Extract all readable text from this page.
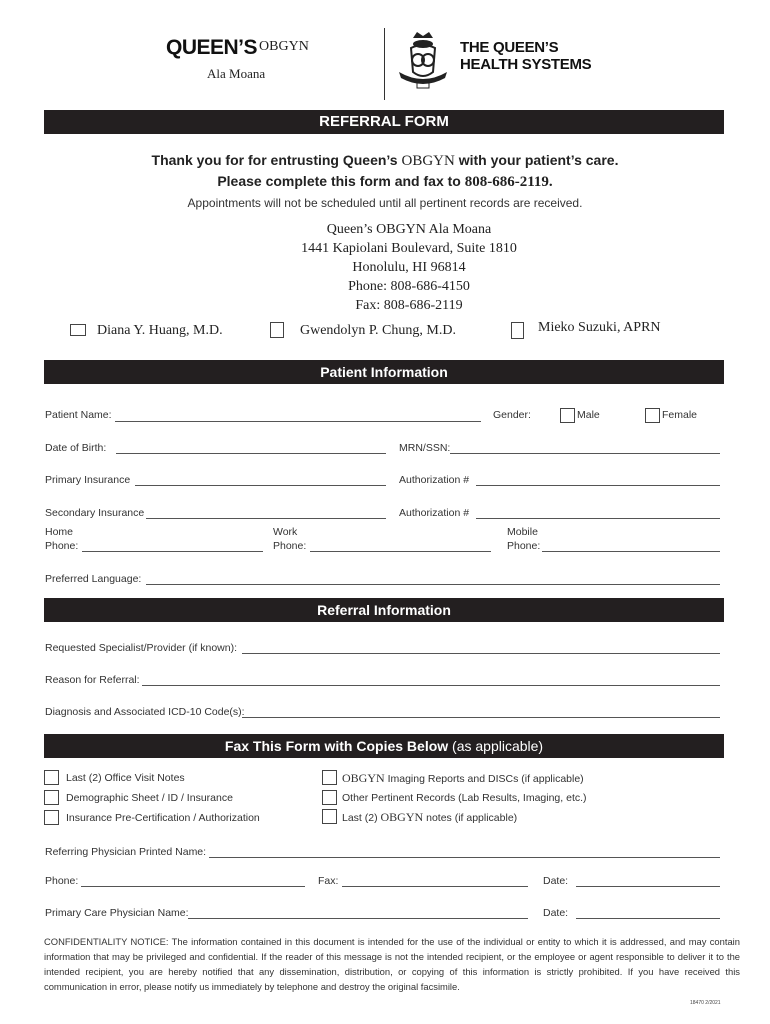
QUEEN’S OBGYN
Ala Moana
THE QUEEN’S
HEALTH SYSTEMS
REFERRAL FORM
Thank you for for entrusting Queen’s OBGYN with your patient’s care.
Please complete this form and fax to 808-686-2119.
Appointments will not be scheduled until all pertinent records are received.
Queen’s OBGYN Ala Moana
1441 Kapiolani Boulevard, Suite 1810
Honolulu, HI 96814
Phone: 808-686-4150
Fax: 808-686-2119
Diana Y. Huang, M.D.	Gwendolyn P. Chung, M.D.	Mieko Suzuki, APRN
Patient Information
Patient Name:	Gender:	Male	Female
Date of Birth:	MRN/SSN:
Primary Insurance	Authorization #
Secondary Insurance	Authorization #
Home
Phone:
Work
Phone:
Mobile
Phone:
Preferred Language:
Referral Information
Requested Specialist/Provider (if known):
Reason for Referral:
Diagnosis and Associated ICD-10 Code(s):
Fax This Form with Copies Below (as applicable)
Last (2) Office Visit Notes
Demographic Sheet / ID / Insurance
Insurance Pre-Certification / Authorization
OBGYN Imaging Reports and DISCs (if applicable)
Other Pertinent Records (Lab Results, Imaging, etc.)
Last (2) OBGYN notes (if applicable)
Referring Physician Printed Name:
Phone:	Fax:	Date:
Primary Care Physician Name:	Date:
CONFIDENTIALITY NOTICE: The information contained in this document is intended for the use of the individual or entity to which it is addressed, and may contain information that may be privileged and confidential. If the reader of this message is not the intended recipient, or the employee or agent responsible to deliver it to the intended recipient, you are hereby notified that any dissemination, distribution, or copying of this information is strictly prohibited. If you have received this communication in error, please notify us immediately by telephone and destroy the original facsimile.
18470 2/2021
